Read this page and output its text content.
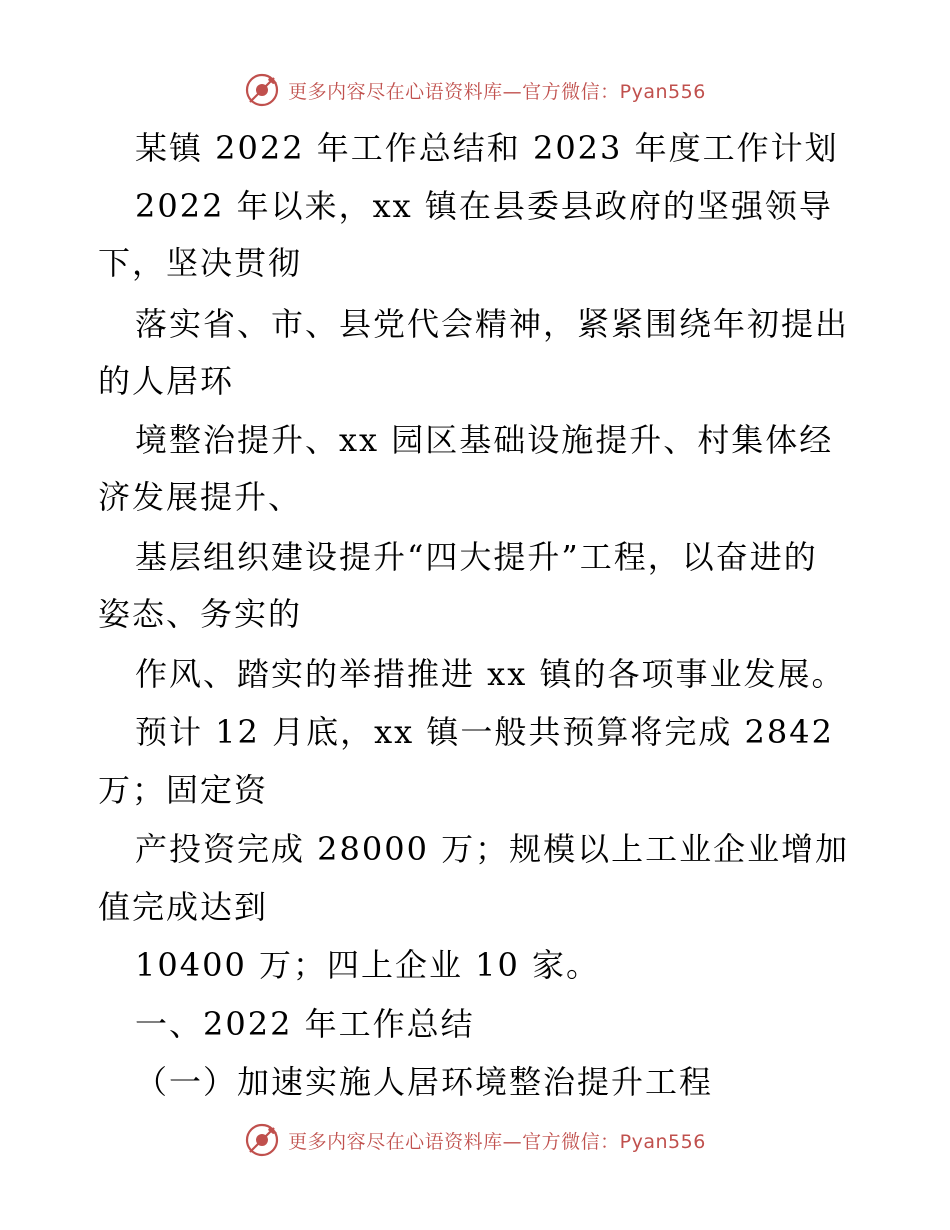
更多内容尽在心语资料库—官方微信：Pyan556
某镇 2022 年工作总结和 2023 年度工作计划
2022 年以来，xx 镇在县委县政府的坚强领导
下，坚决贯彻
落实省、市、县党代会精神，紧紧围绕年初提出
的人居环
境整治提升、xx 园区基础设施提升、村集体经
济发展提升、
基层组织建设提升“四大提升”工程，以奋进的
姿态、务实的
作风、踏实的举措推进 xx 镇的各项事业发展。
预计 12 月底，xx 镇一般共预算将完成 2842
万；固定资
产投资完成 28000 万；规模以上工业企业增加
值完成达到
10400 万；四上企业 10 家。
一、2022 年工作总结
（一）加速实施人居环境整治提升工程
更多内容尽在心语资料库—官方微信：Pyan556
